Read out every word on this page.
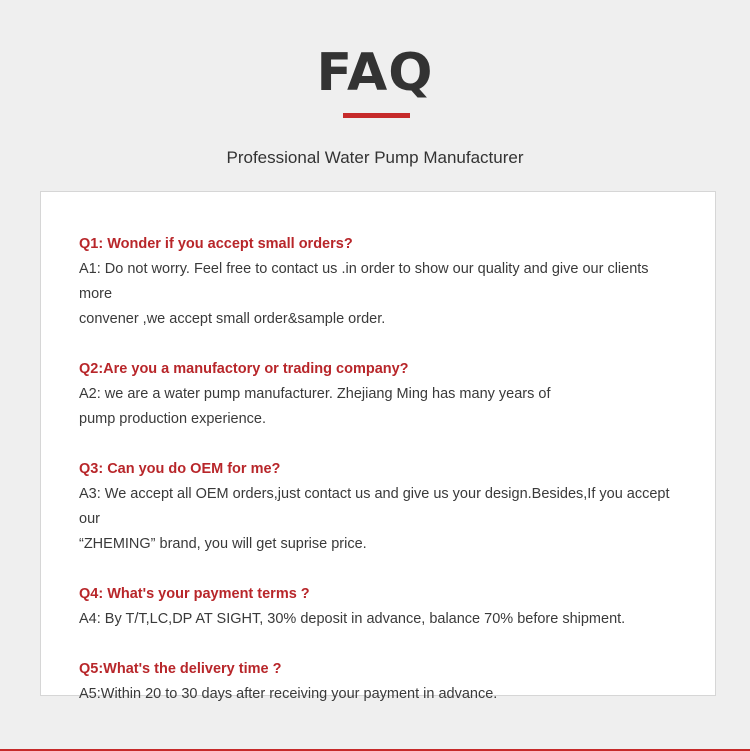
FAQ
Professional Water Pump Manufacturer
Q1: Wonder if you accept small orders?
A1: Do not worry. Feel free to contact us .in order to show our quality and give our clients more
convener ,we accept small order&sample order.
Q2:Are you a manufactory or trading company?
A2: we are a water pump manufacturer. Zhejiang Ming has many years of
pump production experience.
Q3: Can you do OEM for me?
A3: We accept all OEM orders,just contact us and give us your design.Besides,If you accept our
“ZHEMING” brand, you will get suprise price.
Q4: What's your payment terms ?
A4: By T/T,LC,DP AT SIGHT, 30% deposit in advance, balance 70% before shipment.
Q5:What's the delivery time ?
A5:Within 20 to 30 days after receiving your payment in advance.
